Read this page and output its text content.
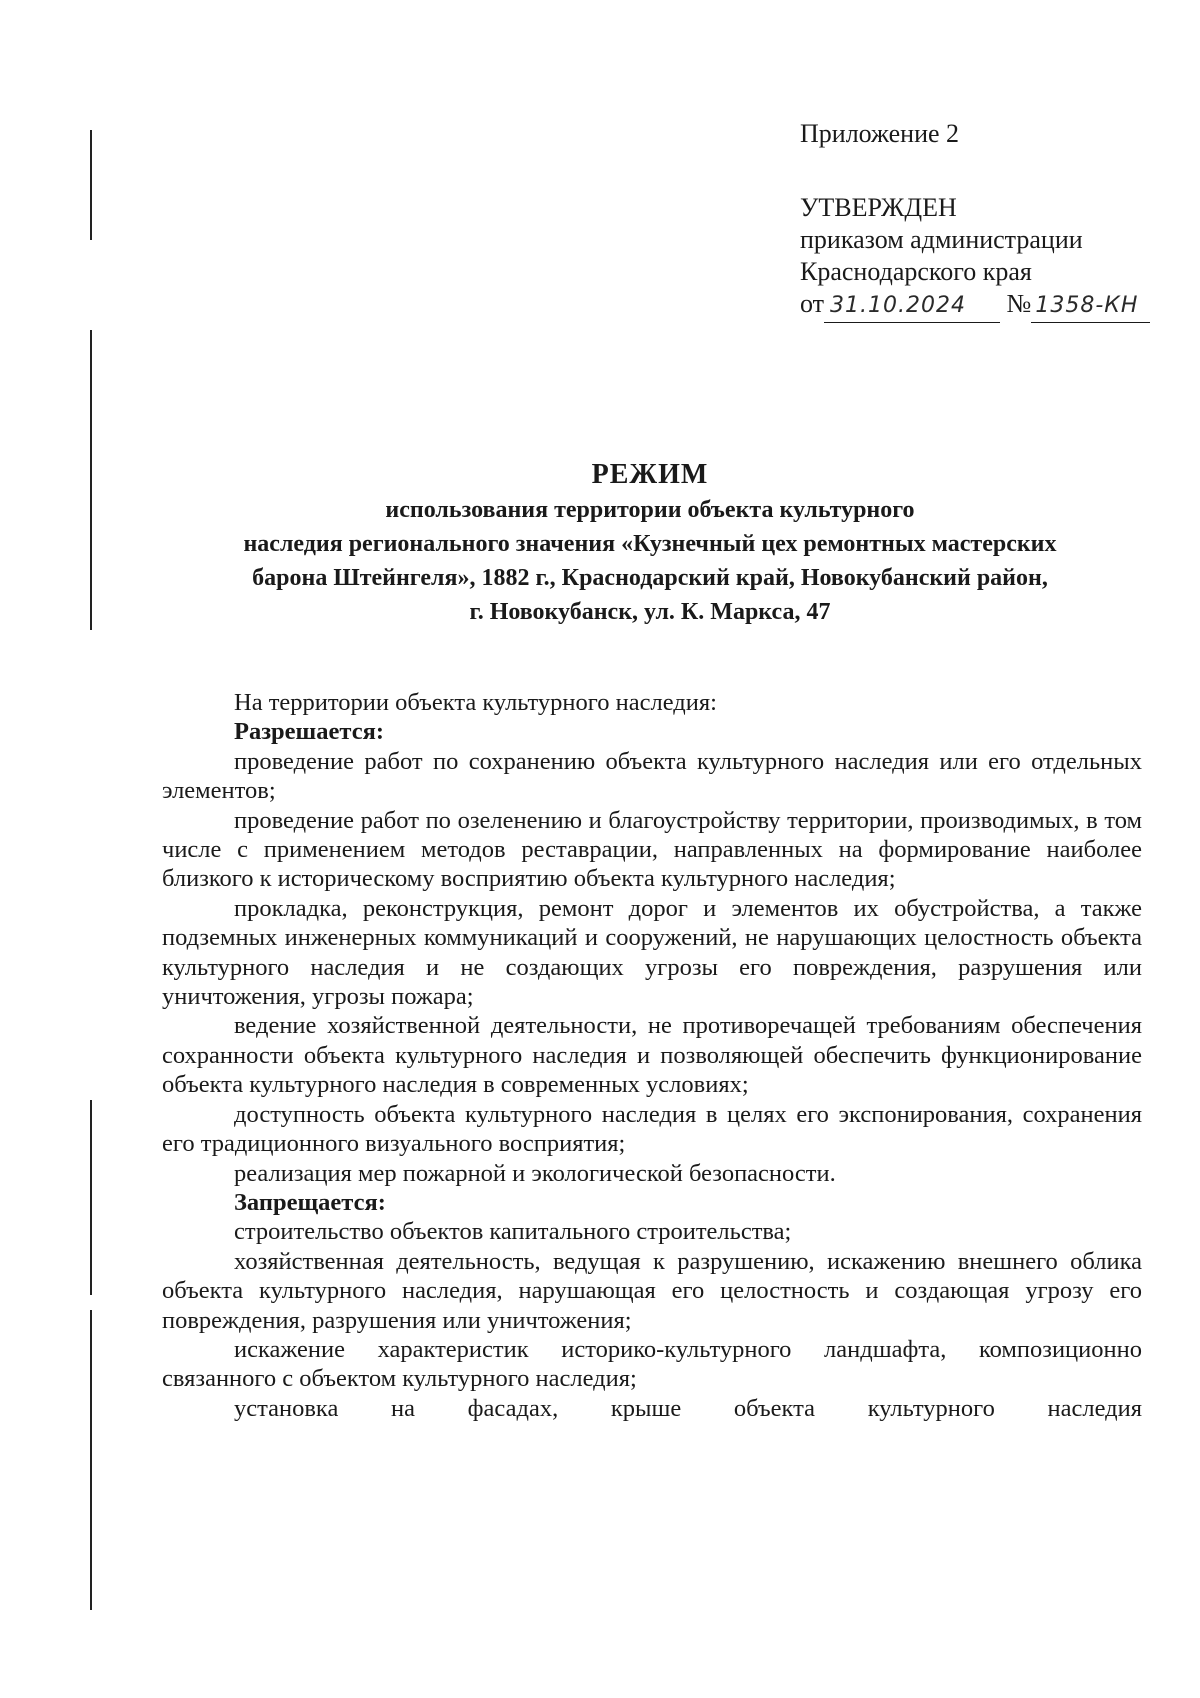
Приложение 2
УТВЕРЖДЕН
приказом администрации
Краснодарского края
от 31.10.2024 № 1358-КН
РЕЖИМ
использования территории объекта культурного
наследия регионального значения «Кузнечный цех ремонтных мастерских
барона Штейнгеля», 1882 г., Краснодарский край, Новокубанский район,
г. Новокубанск, ул. К. Маркса, 47

На территории объекта культурного наследия:

Разрешается:

проведение работ по сохранению объекта культурного наследия или его отдельных элементов;

проведение работ по озеленению и благоустройству территории, производимых, в том числе с применением методов реставрации, направленных на формирование наиболее близкого к историческому восприятию объекта культурного наследия;

прокладка, реконструкция, ремонт дорог и элементов их обустройства, а также подземных инженерных коммуникаций и сооружений, не нарушающих целостность объекта культурного наследия и не создающих угрозы его повреждения, разрушения или уничтожения, угрозы пожара;

ведение хозяйственной деятельности, не противоречащей требованиям обеспечения сохранности объекта культурного наследия и позволяющей обеспечить функционирование объекта культурного наследия в современных условиях;

доступность объекта культурного наследия в целях его экспонирования, сохранения его традиционного визуального восприятия;

реализация мер пожарной и экологической безопасности.

Запрещается:

строительство объектов капитального строительства;

хозяйственная деятельность, ведущая к разрушению, искажению внешнего облика объекта культурного наследия, нарушающая его целостность и создающая угрозу его повреждения, разрушения или уничтожения;

искажение характеристик историко-культурного ландшафта, композиционно связанного с объектом культурного наследия;

установка на фасадах, крыше объекта культурного наследия
